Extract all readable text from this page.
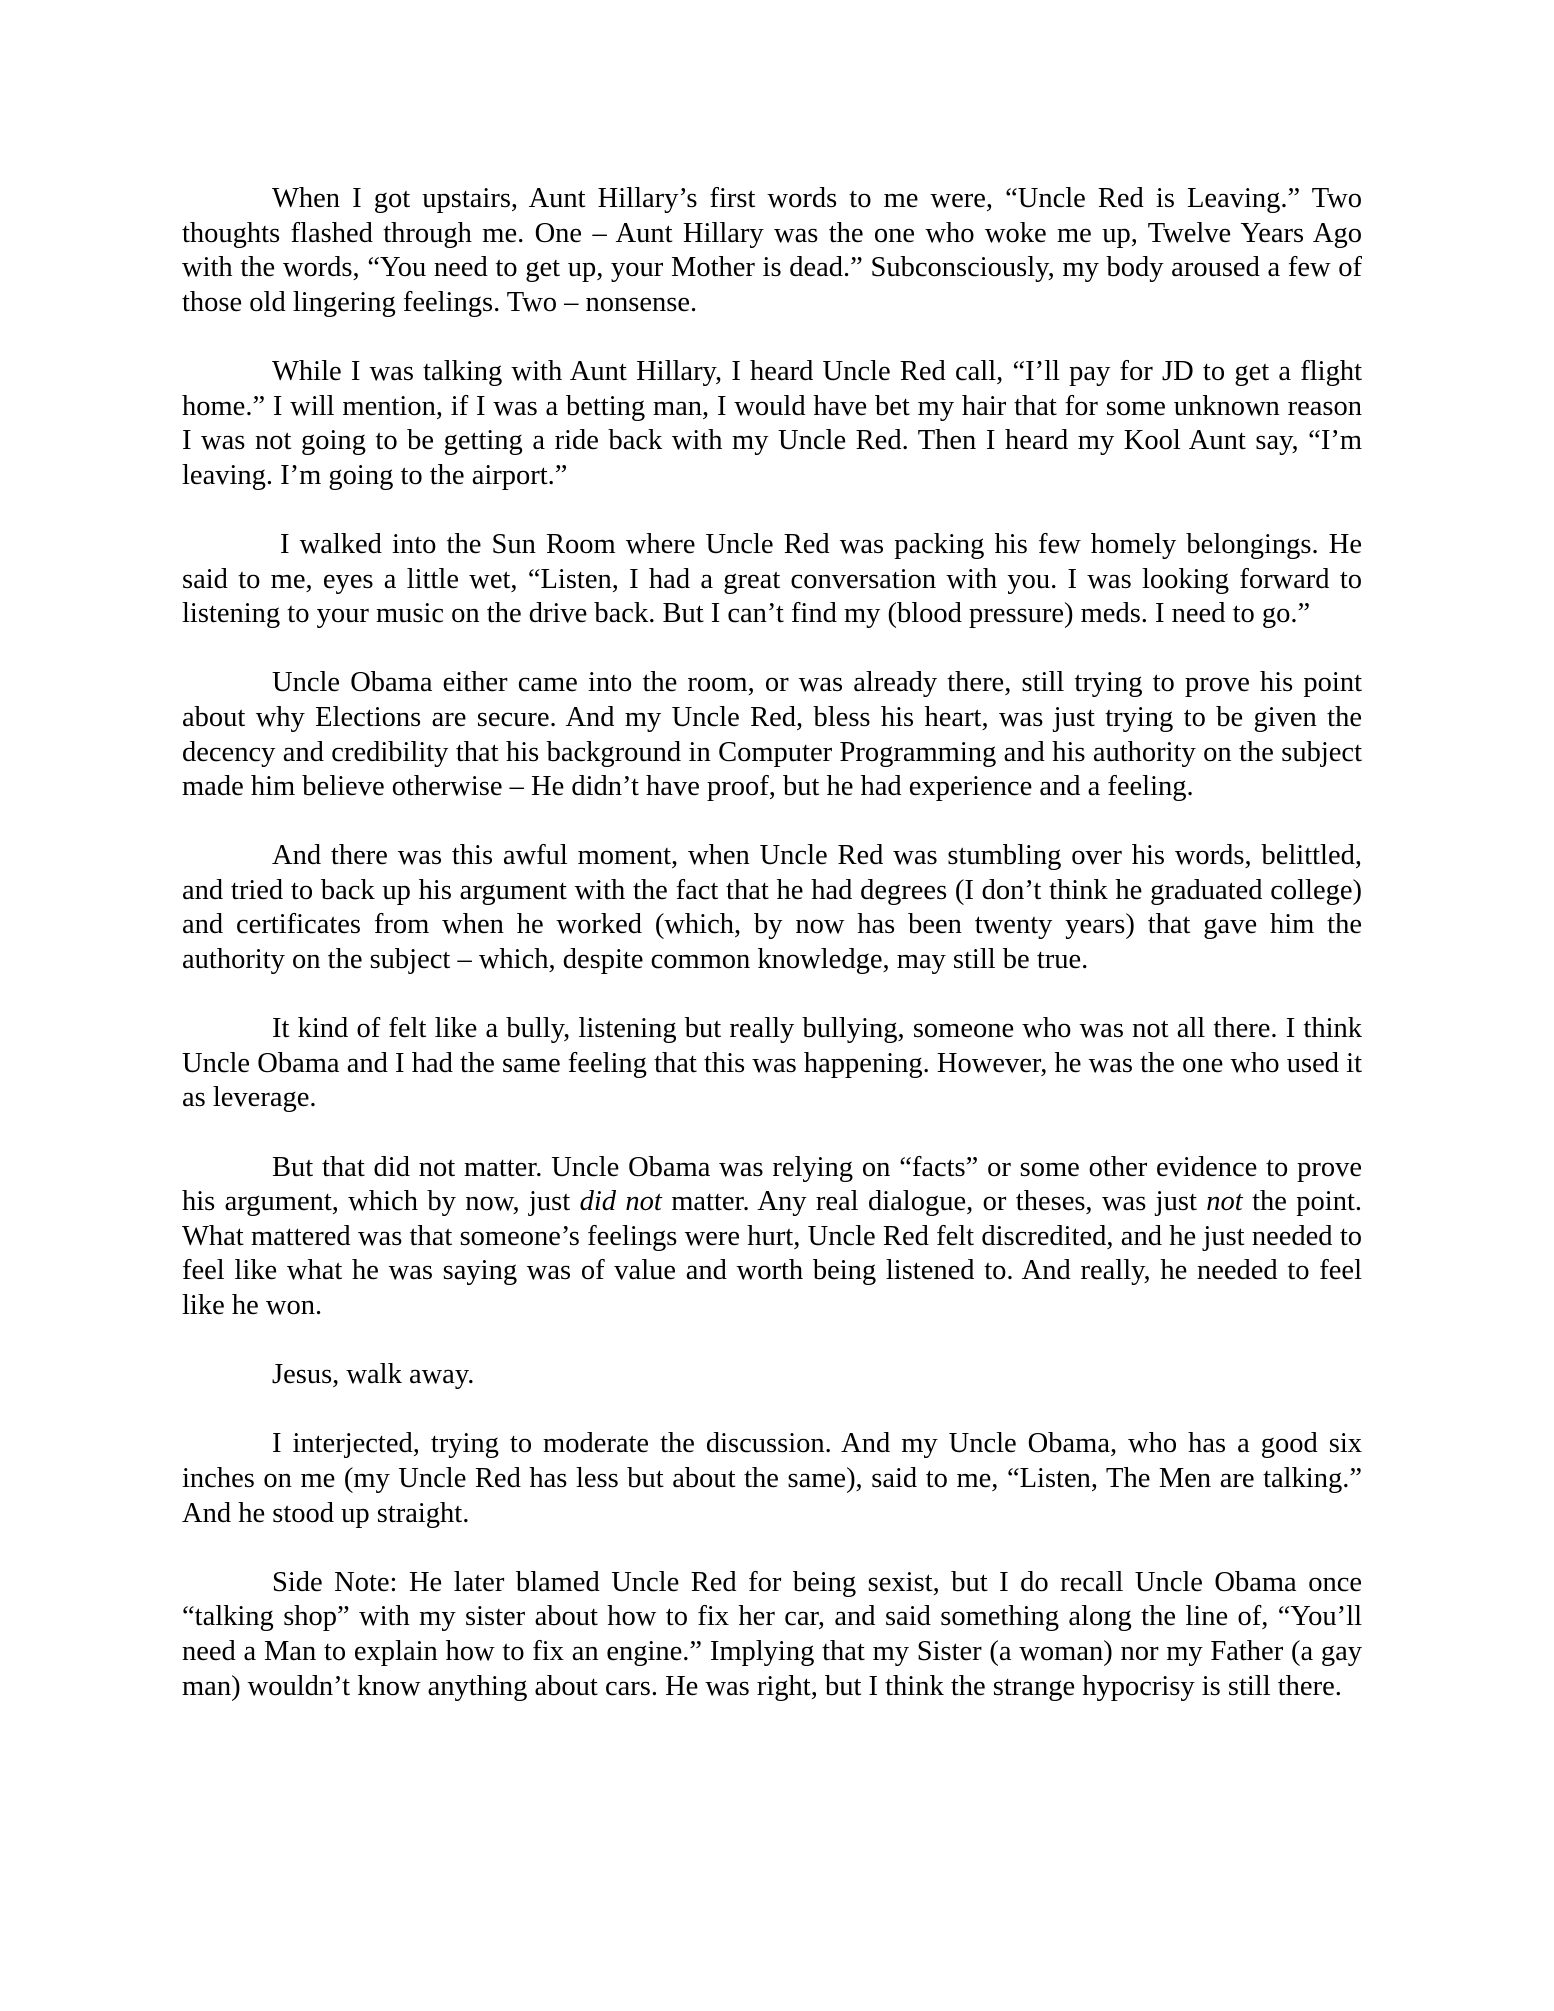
When I got upstairs, Aunt Hillary’s first words to me were, “Uncle Red is Leaving.” Two thoughts flashed through me. One – Aunt Hillary was the one who woke me up, Twelve Years Ago with the words, “You need to get up, your Mother is dead.” Subconsciously, my body aroused a few of those old lingering feelings. Two – nonsense.

While I was talking with Aunt Hillary, I heard Uncle Red call, “I’ll pay for JD to get a flight home.” I will mention, if I was a betting man, I would have bet my hair that for some unknown reason I was not going to be getting a ride back with my Uncle Red. Then I heard my Kool Aunt say, “I’m leaving. I’m going to the airport.”

I walked into the Sun Room where Uncle Red was packing his few homely belongings. He said to me, eyes a little wet, “Listen, I had a great conversation with you. I was looking forward to listening to your music on the drive back. But I can’t find my (blood pressure) meds. I need to go.”

Uncle Obama either came into the room, or was already there, still trying to prove his point about why Elections are secure. And my Uncle Red, bless his heart, was just trying to be given the decency and credibility that his background in Computer Programming and his authority on the subject made him believe otherwise – He didn’t have proof, but he had experience and a feeling.

And there was this awful moment, when Uncle Red was stumbling over his words, belittled, and tried to back up his argument with the fact that he had degrees (I don’t think he graduated college) and certificates from when he worked (which, by now has been twenty years) that gave him the authority on the subject – which, despite common knowledge, may still be true.

It kind of felt like a bully, listening but really bullying, someone who was not all there. I think Uncle Obama and I had the same feeling that this was happening. However, he was the one who used it as leverage.

But that did not matter. Uncle Obama was relying on “facts” or some other evidence to prove his argument, which by now, just did not matter. Any real dialogue, or theses, was just not the point. What mattered was that someone’s feelings were hurt, Uncle Red felt discredited, and he just needed to feel like what he was saying was of value and worth being listened to. And really, he needed to feel like he won.

Jesus, walk away.

I interjected, trying to moderate the discussion. And my Uncle Obama, who has a good six inches on me (my Uncle Red has less but about the same), said to me, “Listen, The Men are talking.” And he stood up straight.

Side Note: He later blamed Uncle Red for being sexist, but I do recall Uncle Obama once “talking shop” with my sister about how to fix her car, and said something along the line of, “You’ll need a Man to explain how to fix an engine.” Implying that my Sister (a woman) nor my Father (a gay man) wouldn’t know anything about cars. He was right, but I think the strange hypocrisy is still there.
